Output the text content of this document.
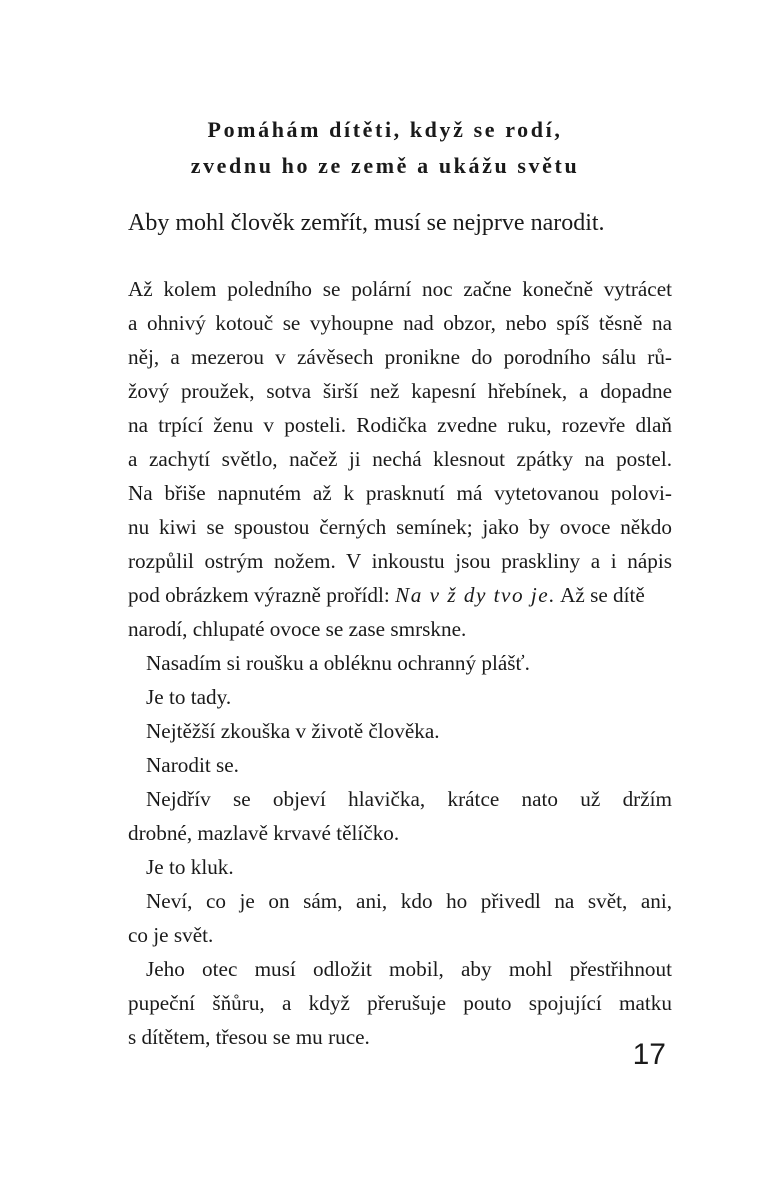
Pomáhám dítěti, když se rodí,
zvednu ho ze země a ukážu světu

Aby mohl člověk zemřít, musí se nejprve narodit.

Až kolem poledního se polární noc začne konečně vytrácet
a ohnivý kotouč se vyhoupne nad obzor, nebo spíš těsně na
něj, a mezerou v závěsech pronikne do porodního sálu rů-
žový proužek, sotva širší než kapesní hřebínek, a dopadne
na trpící ženu v posteli. Rodička zvedne ruku, rozevře dlaň
a zachytí světlo, načež ji nechá klesnout zpátky na postel.
Na břiše napnutém až k prasknutí má vytetovanou polovi-
nu kiwi se spoustou černých semínek; jako by ovoce někdo
rozpůlil ostrým nožem. V inkoustu jsou praskliny a i nápis
pod obrázkem výrazně prořídl: Na v ž dy tvo je. Až se dítě
narodí, chlupaté ovoce se zase smrskne.
Nasadím si roušku a obléknu ochranný plášť.
Je to tady.
Nejtěžší zkouška v životě člověka.
Narodit se.
Nejdřív se objeví hlavička, krátce nato už držím
drobné, mazlavě krvavé tělíčko.
Je to kluk.
Neví, co je on sám, ani, kdo ho přivedl na svět, ani,
co je svět.
Jeho otec musí odložit mobil, aby mohl přestřihnout
pupeční šňůru, a když přerušuje pouto spojující matku
s dítětem, třesou se mu ruce.
17
